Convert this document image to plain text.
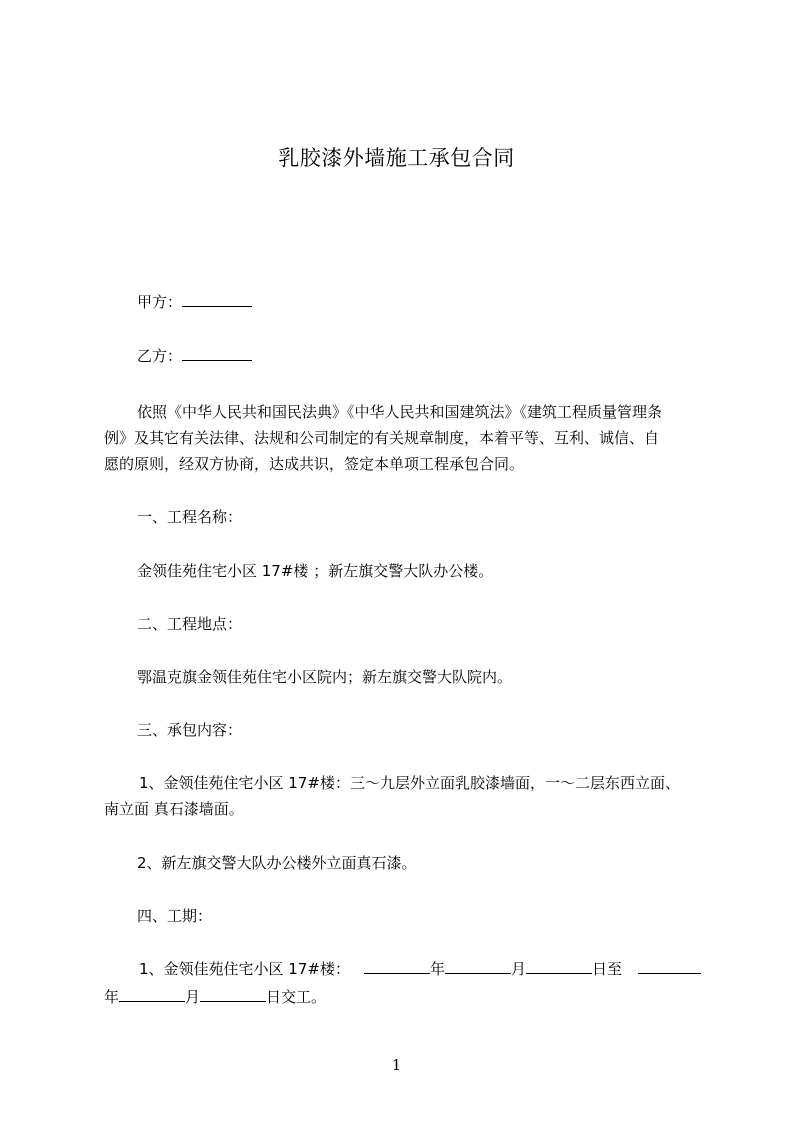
乳胶漆外墙施工承包合同
甲方：
乙方：
依照《中华人民共和国民法典》《中华人民共和国建筑法》《建筑工程质量管理条
例》及其它有关法律、法规和公司制定的有关规章制度，本着平等、互利、诚信、自
愿的原则，经双方协商，达成共识，签定本单项工程承包合同。
一、工程名称：
金领佳苑住宅小区 17#楼 ；新左旗交警大队办公楼。
二、工程地点：
鄂温克旗金领佳苑住宅小区院内；新左旗交警大队院内。
三、承包内容：
1、金领佳苑住宅小区 17#楼：三～九层外立面乳胶漆墙面，一～二层东西立面、
南立面 真石漆墙面。
2、新左旗交警大队办公楼外立面真石漆。
四、工期：
1、金领佳苑住宅小区 17#楼：	年	月	日至
年	月	日交工。
1
